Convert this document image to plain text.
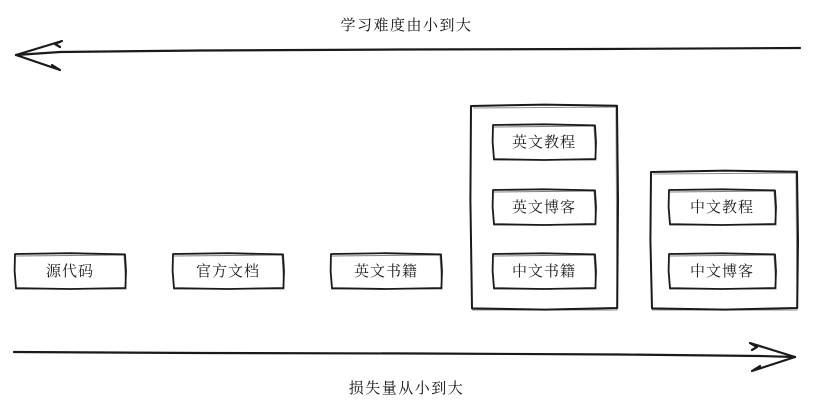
学习难度由小到大
损失量从小到大
源代码	官方文档	英文书籍
英文教程
英文博客
中文书籍
中文教程
中文博客
